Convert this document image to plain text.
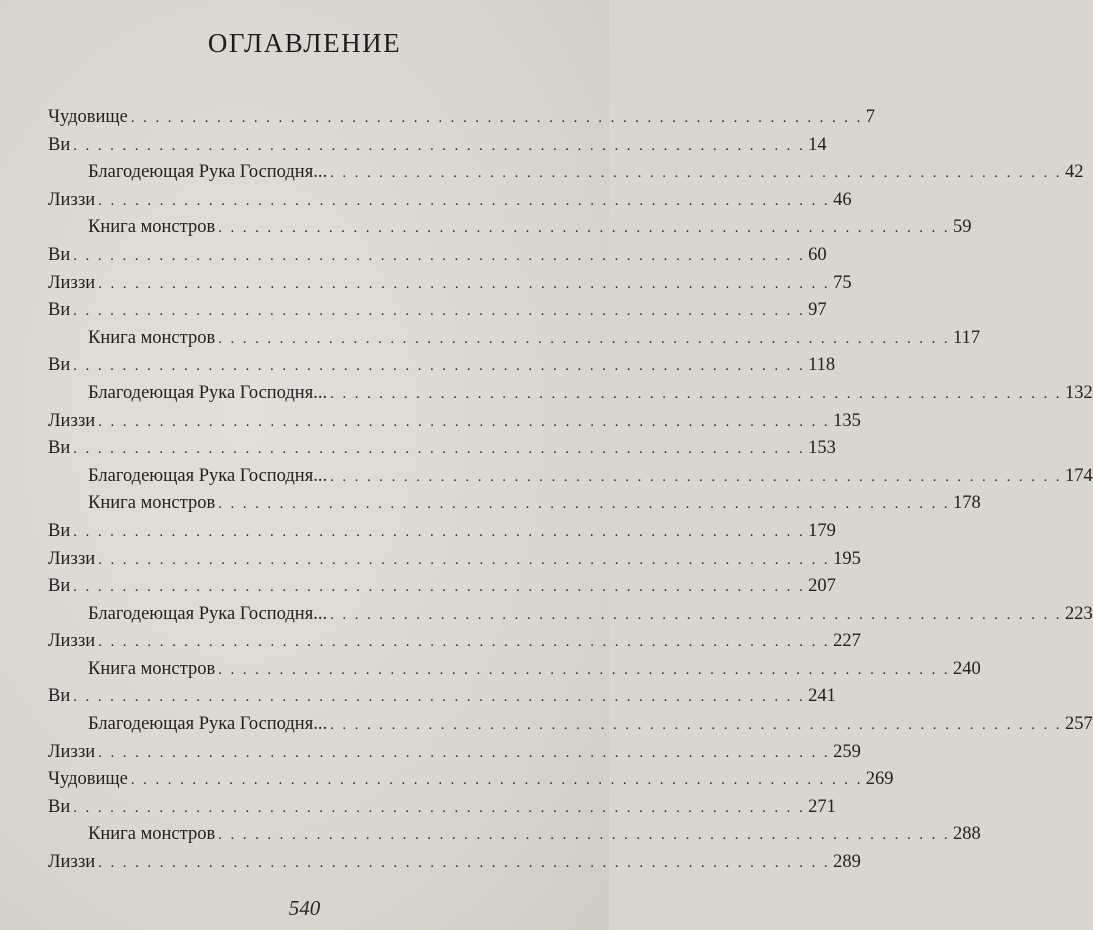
ОГЛАВЛЕНИЕ
Чудовище . . . . . . . . . . . . . . . . . . . . . . . . . . . . . . . . . . . . . . . . . . . . . . . . . . . . . . . . . . . . 7
Ви . . . . . . . . . . . . . . . . . . . . . . . . . . . . . . . . . . . . . . . . . . . . . . . . . . . . . . . . . . . . 14
Благодеющая Рука Господня... . . . . . . . . . . . . . . . . . . . . . . . . . . . . . . . . . . . . . . . . . . . . . . . . . . . . . . . . . . . . 42
Лиззи . . . . . . . . . . . . . . . . . . . . . . . . . . . . . . . . . . . . . . . . . . . . . . . . . . . . . . . . . . . . 46
Книга монстров . . . . . . . . . . . . . . . . . . . . . . . . . . . . . . . . . . . . . . . . . . . . . . . . . . . . . . . . . . . . 59
Ви . . . . . . . . . . . . . . . . . . . . . . . . . . . . . . . . . . . . . . . . . . . . . . . . . . . . . . . . . . . . 60
Лиззи . . . . . . . . . . . . . . . . . . . . . . . . . . . . . . . . . . . . . . . . . . . . . . . . . . . . . . . . . . . . 75
Ви . . . . . . . . . . . . . . . . . . . . . . . . . . . . . . . . . . . . . . . . . . . . . . . . . . . . . . . . . . . . 97
Книга монстров . . . . . . . . . . . . . . . . . . . . . . . . . . . . . . . . . . . . . . . . . . . . . . . . . . . . . . . . . . . . 117
Ви . . . . . . . . . . . . . . . . . . . . . . . . . . . . . . . . . . . . . . . . . . . . . . . . . . . . . . . . . . . . 118
Благодеющая Рука Господня... . . . . . . . . . . . . . . . . . . . . . . . . . . . . . . . . . . . . . . . . . . . . . . . . . . . . . . . . . . . . 132
Лиззи . . . . . . . . . . . . . . . . . . . . . . . . . . . . . . . . . . . . . . . . . . . . . . . . . . . . . . . . . . . . 135
Ви . . . . . . . . . . . . . . . . . . . . . . . . . . . . . . . . . . . . . . . . . . . . . . . . . . . . . . . . . . . . 153
Благодеющая Рука Господня... . . . . . . . . . . . . . . . . . . . . . . . . . . . . . . . . . . . . . . . . . . . . . . . . . . . . . . . . . . . . 174
Книга монстров . . . . . . . . . . . . . . . . . . . . . . . . . . . . . . . . . . . . . . . . . . . . . . . . . . . . . . . . . . . . 178
Ви . . . . . . . . . . . . . . . . . . . . . . . . . . . . . . . . . . . . . . . . . . . . . . . . . . . . . . . . . . . . 179
Лиззи . . . . . . . . . . . . . . . . . . . . . . . . . . . . . . . . . . . . . . . . . . . . . . . . . . . . . . . . . . . . 195
Ви . . . . . . . . . . . . . . . . . . . . . . . . . . . . . . . . . . . . . . . . . . . . . . . . . . . . . . . . . . . . 207
Благодеющая Рука Господня... . . . . . . . . . . . . . . . . . . . . . . . . . . . . . . . . . . . . . . . . . . . . . . . . . . . . . . . . . . . . 223
Лиззи . . . . . . . . . . . . . . . . . . . . . . . . . . . . . . . . . . . . . . . . . . . . . . . . . . . . . . . . . . . . 227
Книга монстров . . . . . . . . . . . . . . . . . . . . . . . . . . . . . . . . . . . . . . . . . . . . . . . . . . . . . . . . . . . . 240
Ви . . . . . . . . . . . . . . . . . . . . . . . . . . . . . . . . . . . . . . . . . . . . . . . . . . . . . . . . . . . . 241
Благодеющая Рука Господня... . . . . . . . . . . . . . . . . . . . . . . . . . . . . . . . . . . . . . . . . . . . . . . . . . . . . . . . . . . . . 257
Лиззи . . . . . . . . . . . . . . . . . . . . . . . . . . . . . . . . . . . . . . . . . . . . . . . . . . . . . . . . . . . . 259
Чудовище . . . . . . . . . . . . . . . . . . . . . . . . . . . . . . . . . . . . . . . . . . . . . . . . . . . . . . . . . . . . 269
Ви . . . . . . . . . . . . . . . . . . . . . . . . . . . . . . . . . . . . . . . . . . . . . . . . . . . . . . . . . . . . 271
Книга монстров . . . . . . . . . . . . . . . . . . . . . . . . . . . . . . . . . . . . . . . . . . . . . . . . . . . . . . . . . . . . 288
Лиззи . . . . . . . . . . . . . . . . . . . . . . . . . . . . . . . . . . . . . . . . . . . . . . . . . . . . . . . . . . . . 289
540
